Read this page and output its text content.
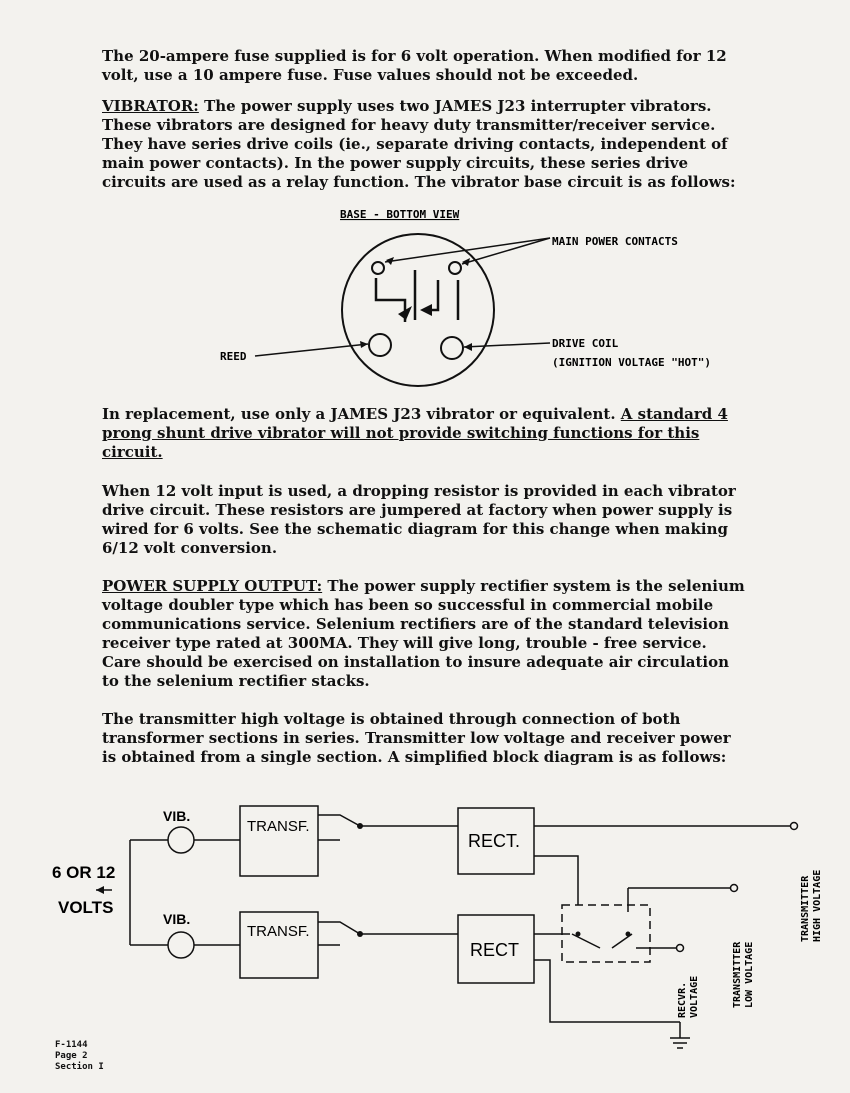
The 20-ampere fuse supplied is for 6 volt operation. When modified for 12 volt, use a 10 ampere fuse. Fuse values should not be exceeded.

VIBRATOR: The power supply uses two JAMES J23 interrupter vibrators. These vibrators are designed for heavy duty transmitter/receiver service. They have series drive coils (ie., separate driving contacts, independent of main power contacts). In the power supply circuits, these series drive circuits are used as a relay function. The vibrator base circuit is as follows:

BASE - BOTTOM VIEW
MAIN POWER CONTACTS
REED
DRIVE COIL
(IGNITION VOLTAGE "HOT")

In replacement, use only a JAMES J23 vibrator or equivalent. A standard 4 prong shunt drive vibrator will not provide switching functions for this circuit.

When 12 volt input is used, a dropping resistor is provided in each vibrator drive circuit. These resistors are jumpered at factory when power supply is wired for 6 volts. See the schematic diagram for this change when making 6/12 volt conversion.

POWER SUPPLY OUTPUT: The power supply rectifier system is the selenium voltage doubler type which has been so successful in commercial mobile communications service. Selenium rectifiers are of the standard television receiver type rated at 300MA. They will give long, trouble - free service. Care should be exercised on installation to insure adequate air circulation to the selenium rectifier stacks.

The transmitter high voltage is obtained through connection of both transformer sections in series. Transmitter low voltage and receiver power is obtained from a single section. A simplified block diagram is as follows:

VIB.
VIB.
TRANSF.
TRANSF.
RECT.
RECT
6 OR 12
VOLTS
RECVR. VOLTAGE	TRANSMITTER LOW VOLTAGE
TRANSMITTER HIGH VOLTAGE
F-1144
Page 2
Section I
